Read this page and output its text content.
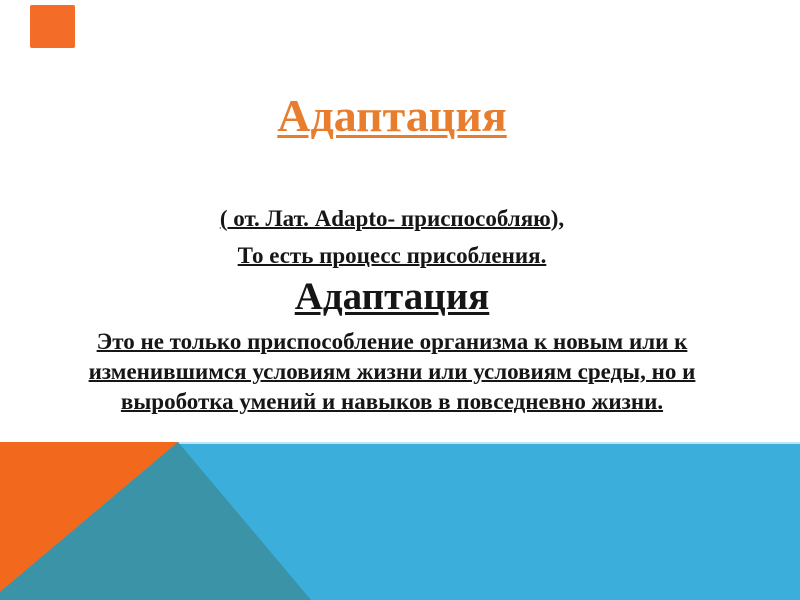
Адаптация
( от. Лат. Adapto- приспособляю),
То есть процесс присобления.
Адаптация
Это не только приспособление организма к новым или к
изменившимся условиям жизни или условиям среды, но и
выроботка умений и навыков в повседневно жизни.
